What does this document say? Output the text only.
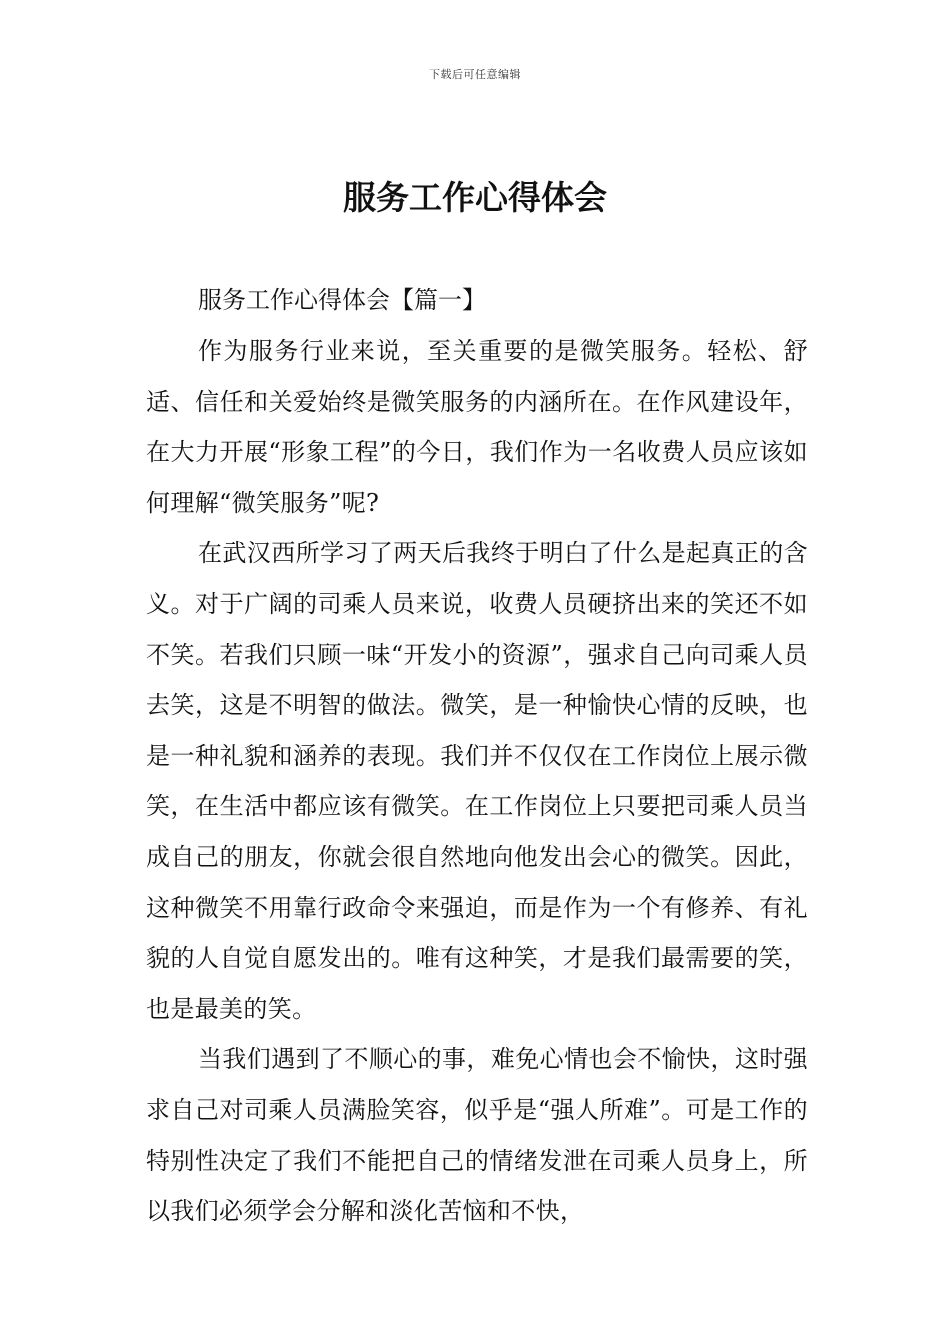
下载后可任意编辑
服务工作心得体会
服务工作心得体会【篇一】

作为服务行业来说，至关重要的是微笑服务。轻松、舒适、信任和关爱始终是微笑服务的内涵所在。在作风建设年，在大力开展“形象工程”的今日，我们作为一名收费人员应该如何理解“微笑服务”呢?

在武汉西所学习了两天后我终于明白了什么是起真正的含义。对于广阔的司乘人员来说，收费人员硬挤出来的笑还不如不笑。若我们只顾一味“开发小的资源”，强求自己向司乘人员去笑，这是不明智的做法。微笑，是一种愉快心情的反映，也是一种礼貌和涵养的表现。我们并不仅仅在工作岗位上展示微笑，在生活中都应该有微笑。在工作岗位上只要把司乘人员当成自己的朋友，你就会很自然地向他发出会心的微笑。因此，这种微笑不用靠行政命令来强迫，而是作为一个有修养、有礼貌的人自觉自愿发出的。唯有这种笑，才是我们最需要的笑，也是最美的笑。

当我们遇到了不顺心的事，难免心情也会不愉快，这时强求自己对司乘人员满脸笑容，似乎是“强人所难”。可是工作的特别性决定了我们不能把自己的情绪发泄在司乘人员身上，所以我们必须学会分解和淡化苦恼和不快，
